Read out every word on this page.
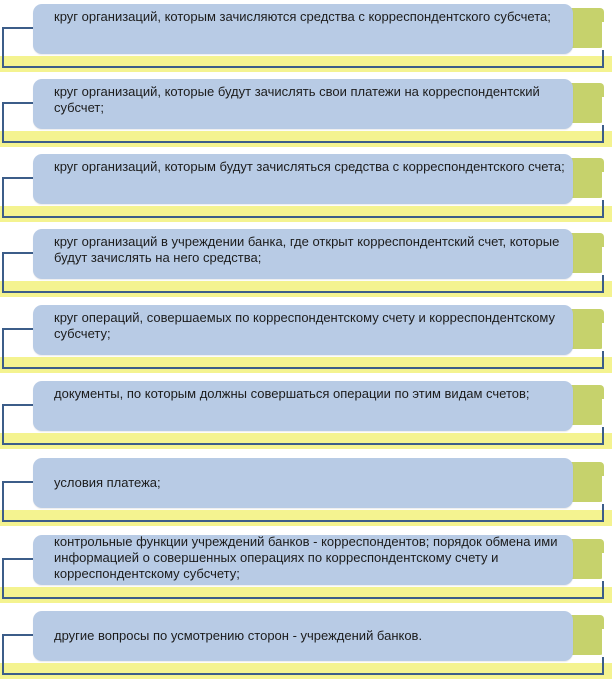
круг организаций, которым зачисляются средства с корреспондентского субсчета;
круг организаций, которые будут зачислять свои платежи на корреспондентский субсчет;
круг организаций, которым будут зачисляться средства с корреспондентского счета;
круг организаций в учреждении банка, где открыт корреспондентский счет, которые будут зачислять на него средства;
круг операций, совершаемых по корреспондентскому счету и корреспондентскому субсчету;
документы, по которым должны совершаться операции по этим видам счетов;
условия платежа;
контрольные функции учреждений банков - корреспондентов; порядок обмена ими информацией о совершенных операциях по корреспондентскому счету и корреспондентскому субсчету;
другие вопросы по усмотрению сторон - учреждений банков.
